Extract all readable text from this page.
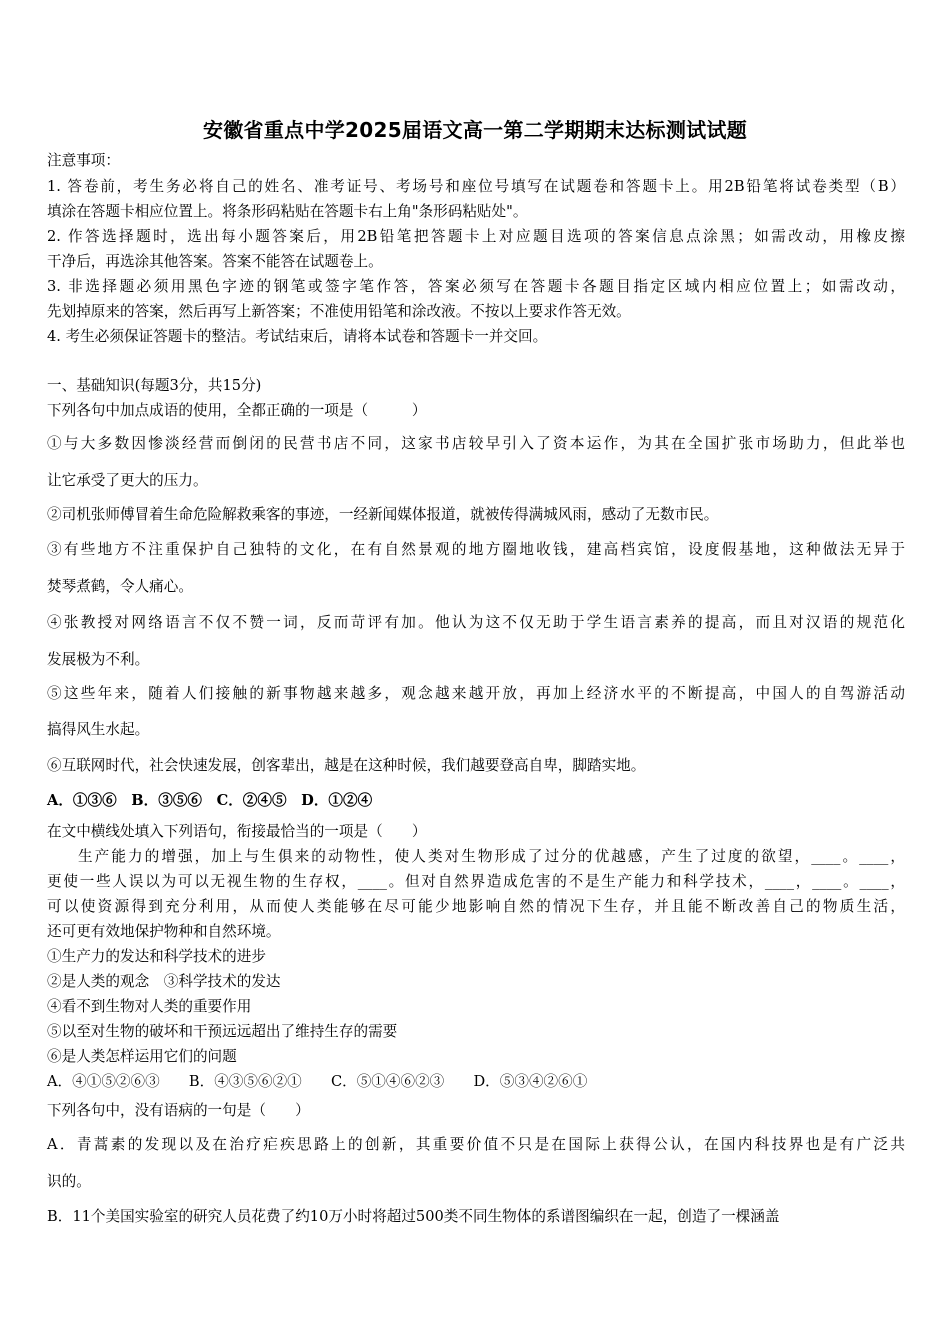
安徽省重点中学2025届语文高一第二学期期末达标测试试题
注意事项：
1. 答卷前，考生务必将自己的姓名、准考证号、考场号和座位号填写在试题卷和答题卡上。用2B铅笔将试卷类型（B）
填涂在答题卡相应位置上。将条形码粘贴在答题卡右上角"条形码粘贴处"。
2. 作答选择题时，选出每小题答案后，用2B铅笔把答题卡上对应题目选项的答案信息点涂黑；如需改动，用橡皮擦
干净后，再选涂其他答案。答案不能答在试题卷上。
3. 非选择题必须用黑色字迹的钢笔或签字笔作答，答案必须写在答题卡各题目指定区域内相应位置上；如需改动，
先划掉原来的答案，然后再写上新答案；不准使用铅笔和涂改液。不按以上要求作答无效。
4. 考生必须保证答题卡的整洁。考试结束后，请将本试卷和答题卡一并交回。
一、基础知识(每题3分，共15分)
下列各句中加点成语的使用，全都正确的一项是（　　　）
①与大多数因惨淡经营而倒闭的民营书店不同，这家书店较早引入了资本运作，为其在全国扩张市场助力，但此举也
让它承受了更大的压力。
②司机张师傅冒着生命危险解救乘客的事迹，一经新闻媒体报道，就被传得满城风雨，感动了无数市民。
③有些地方不注重保护自己独特的文化，在有自然景观的地方圈地收钱，建高档宾馆，设度假基地，这种做法无异于
焚琴煮鹤，令人痛心。
④张教授对网络语言不仅不赞一词，反而苛评有加。他认为这不仅无助于学生语言素养的提高，而且对汉语的规范化
发展极为不利。
⑤这些年来，随着人们接触的新事物越来越多，观念越来越开放，再加上经济水平的不断提高，中国人的自驾游活动
搞得风生水起。
⑥互联网时代，社会快速发展，创客辈出，越是在这种时候，我们越要登高自卑，脚踏实地。
A．①③⑥　B．③⑤⑥　C．②④⑤　D．①②④
在文中横线处填入下列语句，衔接最恰当的一项是（　　）
生产能力的增强，加上与生俱来的动物性，使人类对生物形成了过分的优越感，产生了过度的欲望，____。____，
更使一些人误以为可以无视生物的生存权，____。但对自然界造成危害的不是生产能力和科学技术，____，____。____，
可以使资源得到充分利用，从而使人类能够在尽可能少地影响自然的情况下生存，并且能不断改善自己的物质生活，
还可更有效地保护物种和自然环境。
①生产力的发达和科学技术的进步
②是人类的观念　③科学技术的发达
④看不到生物对人类的重要作用
⑤以至对生物的破坏和干预远远超出了维持生存的需要
⑥是人类怎样运用它们的问题
A．④①⑤②⑥③　　B．④③⑤⑥②①　　C．⑤①④⑥②③　　D．⑤③④②⑥①
下列各句中，没有语病的一句是（　　）
A．青蒿素的发现以及在治疗疟疾思路上的创新，其重要价值不只是在国际上获得公认，在国内科技界也是有广泛共
识的。
B．11个美国实验室的研究人员花费了约10万小时将超过500类不同生物体的系谱图编织在一起，创造了一棵涵盖
